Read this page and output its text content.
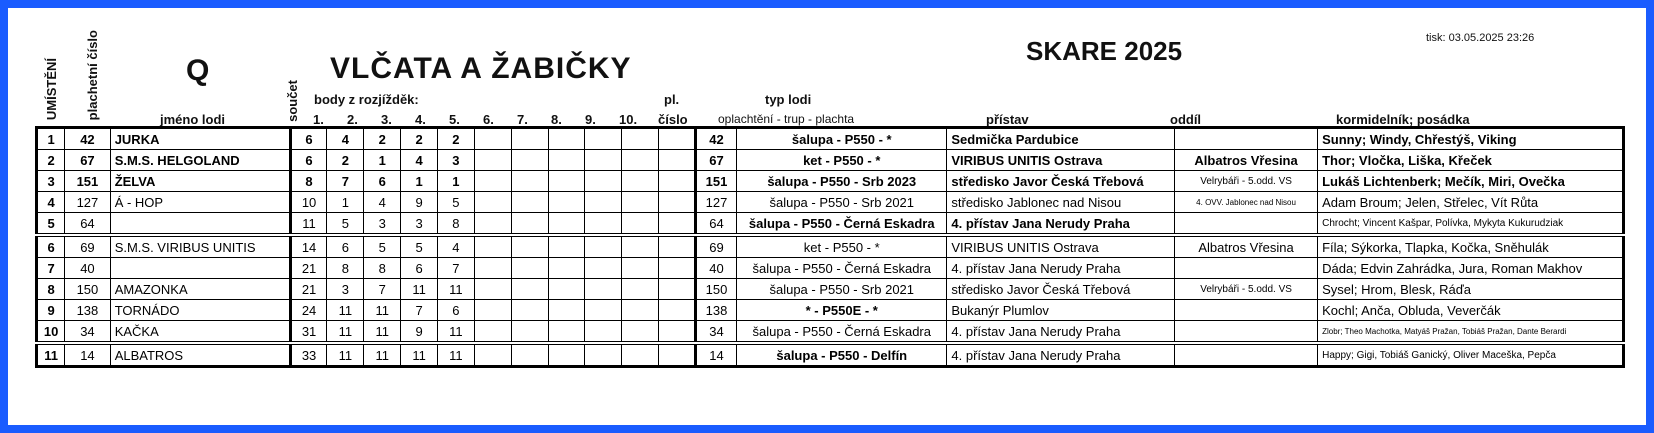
tisk: 03.05.2025 23:26
SKARE 2025
VLČATA A ŽABIČKY
Q
UMÍSTĚNÍ plachetní číslo	jméno lodi	součet body z rozjížděk:
1. 2. 3. 4. 5. 6. 7. 8. 9. 10.
pl.
číslo
typ lodi
oplachtění - trup - plachta	přístav	oddíl	kormidelník; posádka
1	42	JURKA	6	4	2	2	2							42	šalupa - P550 - *	Sedmička Pardubice		Sunny; Windy, Chřestýš, Viking
2	67	S.M.S. HELGOLAND	6	2	1	4	3							67	ket - P550 - *	VIRIBUS UNITIS Ostrava	Albatros Vřesina	Thor; Vločka, Liška, Křeček
3	151	ŽELVA	8	7	6	1	1							151	šalupa - P550 - Srb 2023	středisko Javor Česká Třebová	Velrybáři - 5.odd. VS	Lukáš Lichtenberk; Mečík, Miri, Ovečka
4	127	Á - HOP	10	1	4	9	5							127	šalupa - P550 - Srb 2021	středisko Jablonec nad Nisou	4. OVV. Jablonec nad Nisou	Adam Broum; Jelen, Střelec, Vít Růta
5	64		11	5	3	3	8							64	šalupa - P550 - Černá Eskadra	4. přístav Jana Nerudy Praha		Chrocht; Vincent Kašpar, Polívka, Mykyta Kukurudziak
6	69	S.M.S. VIRIBUS UNITIS	14	6	5	5	4							69	ket - P550 - *	VIRIBUS UNITIS Ostrava	Albatros Vřesina	Fíla; Sýkorka, Tlapka, Kočka, Sněhulák
7	40		21	8	8	6	7							40	šalupa - P550 - Černá Eskadra	4. přístav Jana Nerudy Praha		Dáda; Edvin Zahrádka, Jura, Roman Makhov
8	150	AMAZONKA	21	3	7	11	11							150	šalupa - P550 - Srb 2021	středisko Javor Česká Třebová	Velrybáři - 5.odd. VS	Sysel; Hrom, Blesk, Ráďa
9	138	TORNÁDO	24	11	11	7	6							138	* - P550E - *	Bukanýr Plumlov		Kochl; Anča, Obluda, Veverčák
10	34	KAČKA	31	11	11	9	11							34	šalupa - P550 - Černá Eskadra	4. přístav Jana Nerudy Praha		Zlobr; Theo Machotka, Matyáš Pražan, Tobiáš Pražan, Dante Berardi
11	14	ALBATROS	33	11	11	11	11							14	šalupa - P550 - Delfín	4. přístav Jana Nerudy Praha		Happy; Gigi, Tobiáš Ganický, Oliver Maceška, Pepča
